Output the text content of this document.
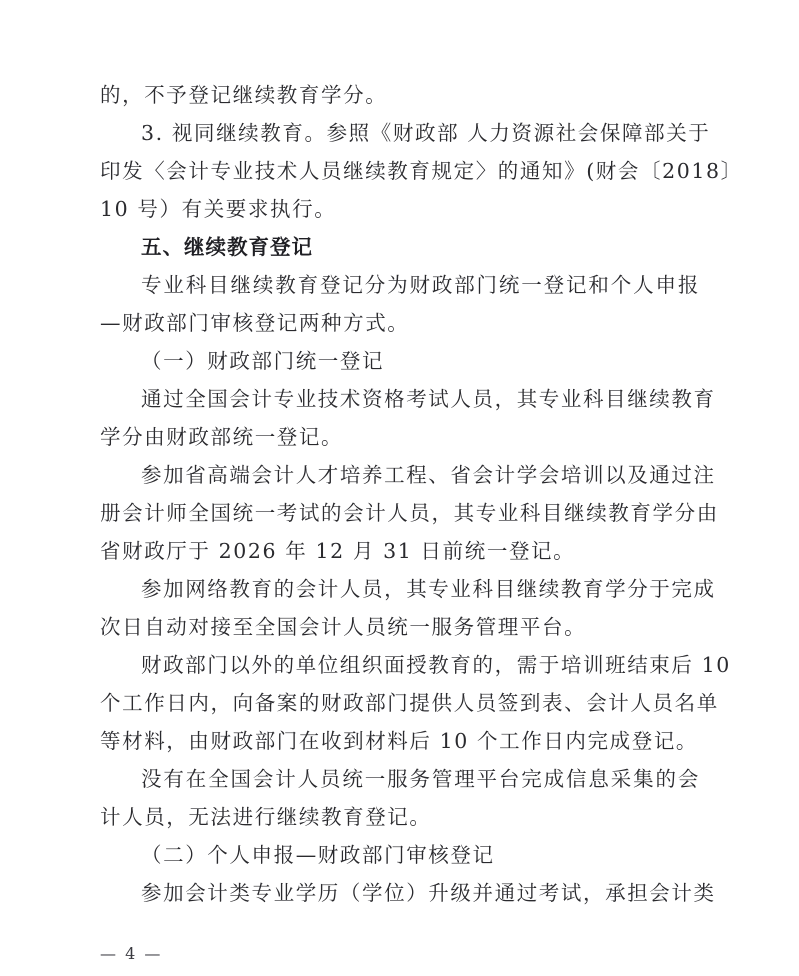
的，不予登记继续教育学分。
3. 视同继续教育。参照《财政部 人力资源社会保障部关于
印发〈会计专业技术人员继续教育规定〉的通知》(财会〔2018〕
10 号）有关要求执行。
五、继续教育登记
专业科目继续教育登记分为财政部门统一登记和个人申报
—财政部门审核登记两种方式。
（一）财政部门统一登记
通过全国会计专业技术资格考试人员，其专业科目继续教育
学分由财政部统一登记。
参加省高端会计人才培养工程、省会计学会培训以及通过注
册会计师全国统一考试的会计人员，其专业科目继续教育学分由
省财政厅于 2026 年 12 月 31 日前统一登记。
参加网络教育的会计人员，其专业科目继续教育学分于完成
次日自动对接至全国会计人员统一服务管理平台。
财政部门以外的单位组织面授教育的，需于培训班结束后 10
个工作日内，向备案的财政部门提供人员签到表、会计人员名单
等材料，由财政部门在收到材料后 10 个工作日内完成登记。
没有在全国会计人员统一服务管理平台完成信息采集的会
计人员，无法进行继续教育登记。
（二）个人申报—财政部门审核登记
参加会计类专业学历（学位）升级并通过考试，承担会计类
— 4 —
